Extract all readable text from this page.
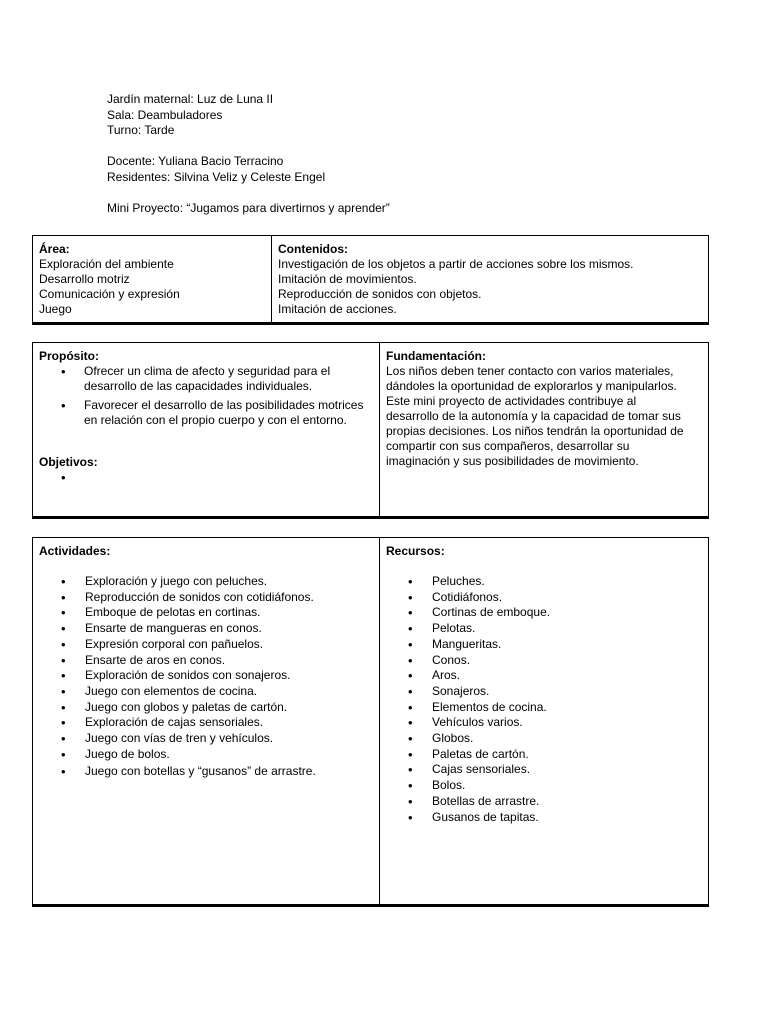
Jardín maternal: Luz de Luna II
Sala: Deambuladores
Turno: Tarde
Docente: Yuliana Bacio Terracino
Residentes: Silvina Veliz y Celeste Engel
Mini Proyecto: “Jugamos para divertirnos y aprender”
Área:
Exploración del ambiente
Desarrollo motriz
Comunicación y expresión
Juego

Contenidos:
Investigación de los objetos a partir de acciones sobre los mismos.
Imitación de movimientos.
Reproducción de sonidos con objetos.
Imitación de acciones.
Propósito:
• Ofrecer un clima de afecto y seguridad para el desarrollo de las capacidades individuales.
• Favorecer el desarrollo de las posibilidades motrices en relación con el propio cuerpo y con el entorno.
Objetivos:
•

Fundamentación:
Los niños deben tener contacto con varios materiales,
dándoles la oportunidad de explorarlos y manipularlos.
Este mini proyecto de actividades contribuye al
desarrollo de la autonomía y la capacidad de tomar sus
propias decisiones. Los niños tendrán la oportunidad de
compartir con sus compañeros, desarrollar su
imaginación y sus posibilidades de movimiento.
Actividades:
• Exploración y juego con peluches.
• Reproducción de sonidos con cotidiáfonos.
• Emboque de pelotas en cortinas.
• Ensarte de mangueras en conos.
• Expresión corporal con pañuelos.
• Ensarte de aros en conos.
• Exploración de sonidos con sonajeros.
• Juego con elementos de cocina.
• Juego con globos y paletas de cartón.
• Exploración de cajas sensoriales.
• Juego con vías de tren y vehículos.
• Juego de bolos.
• Juego con botellas y “gusanos” de arrastre.

Recursos:
• Peluches.
• Cotidiáfonos.
• Cortinas de emboque.
• Pelotas.
• Mangueritas.
• Conos.
• Aros.
• Sonajeros.
• Elementos de cocina.
• Vehículos varios.
• Globos.
• Paletas de cartón.
• Cajas sensoriales.
• Bolos.
• Botellas de arrastre.
• Gusanos de tapitas.
